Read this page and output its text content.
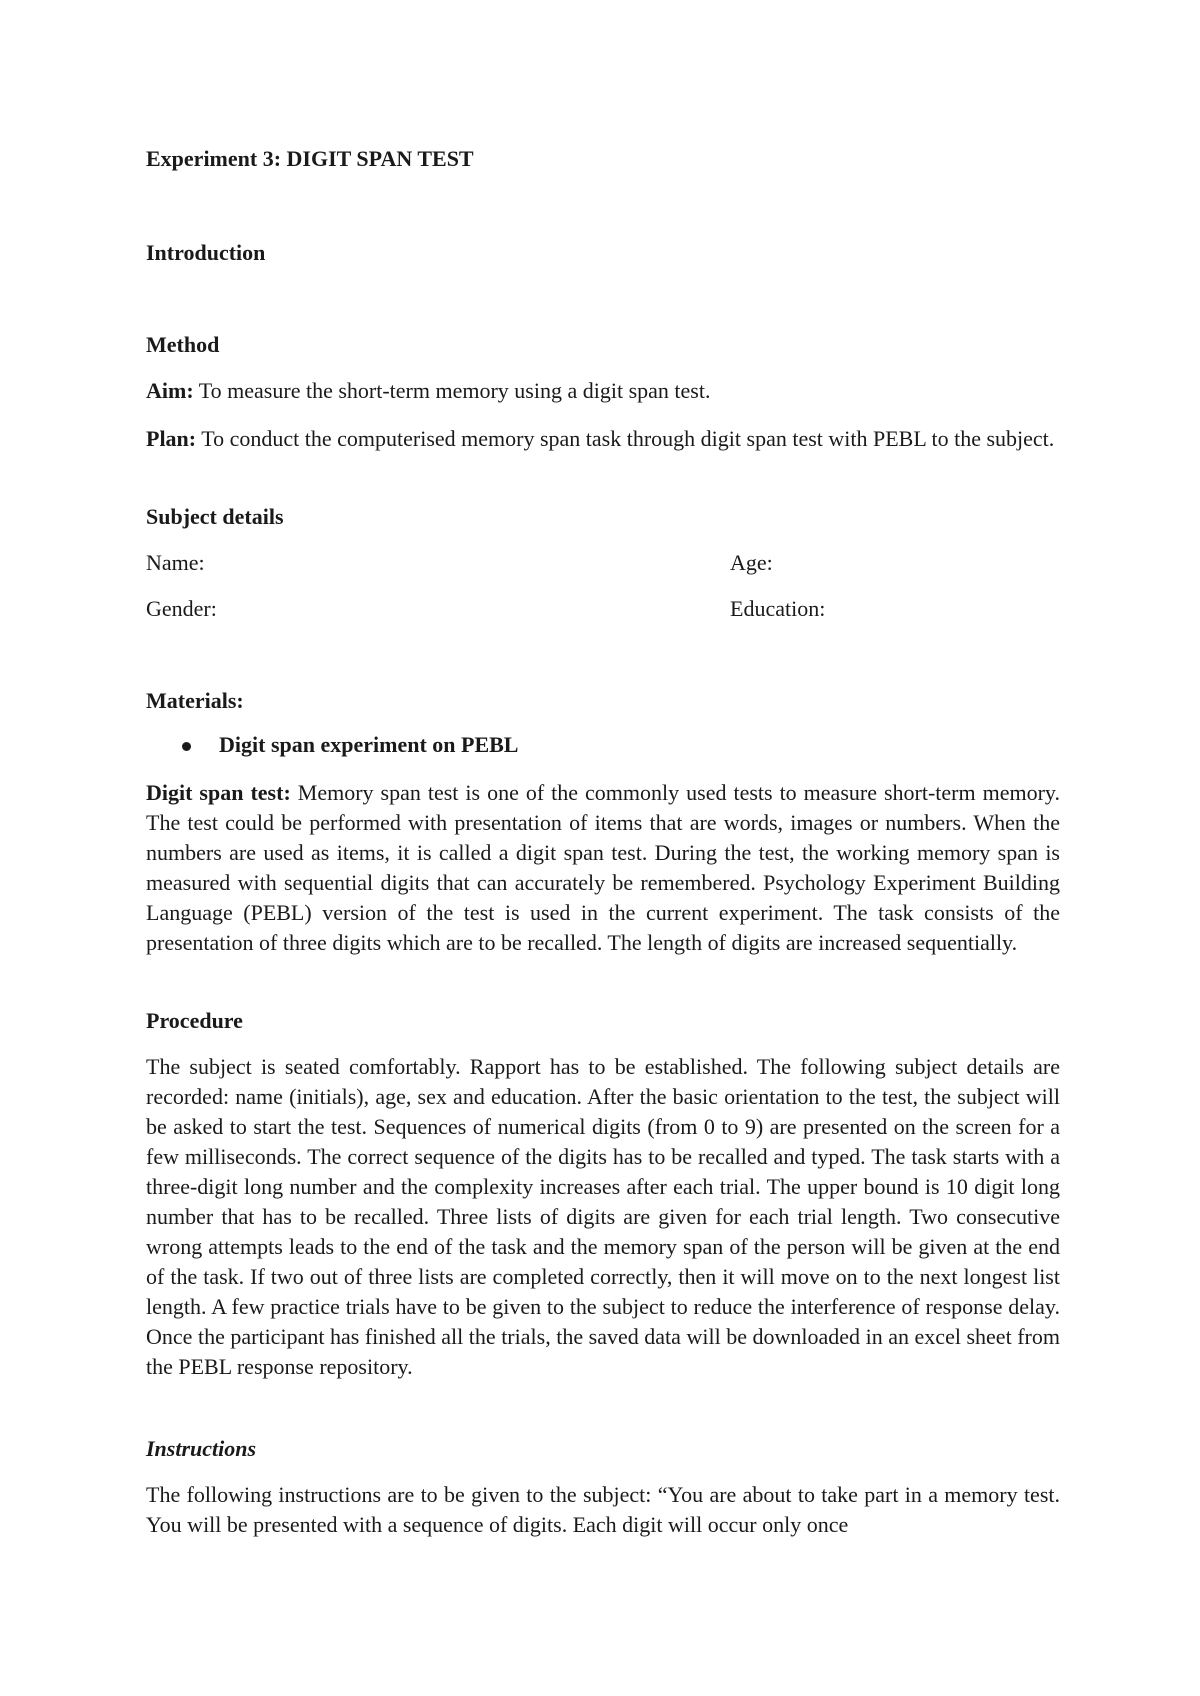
Experiment 3: DIGIT SPAN TEST
Introduction
Method
Aim: To measure the short-term memory using a digit span test.
Plan: To conduct the computerised memory span task through digit span test with PEBL to the subject.
Subject details
Name:	Age:
Gender:	Education:
Materials:
Digit span experiment on PEBL
Digit span test: Memory span test is one of the commonly used tests to measure short-term memory. The test could be performed with presentation of items that are words, images or numbers. When the numbers are used as items, it is called a digit span test. During the test, the working memory span is measured with sequential digits that can accurately be remembered. Psychology Experiment Building Language (PEBL) version of the test is used in the current experiment. The task consists of the presentation of three digits which are to be recalled. The length of digits are increased sequentially.
Procedure
The subject is seated comfortably. Rapport has to be established. The following subject details are recorded: name (initials), age, sex and education. After the basic orientation to the test, the subject will be asked to start the test. Sequences of numerical digits (from 0 to 9) are presented on the screen for a few milliseconds. The correct sequence of the digits has to be recalled and typed. The task starts with a three-digit long number and the complexity increases after each trial. The upper bound is 10 digit long number that has to be recalled. Three lists of digits are given for each trial length. Two consecutive wrong attempts leads to the end of the task and the memory span of the person will be given at the end of the task. If two out of three lists are completed correctly, then it will move on to the next longest list length. A few practice trials have to be given to the subject to reduce the interference of response delay. Once the participant has finished all the trials, the saved data will be downloaded in an excel sheet from the PEBL response repository.
Instructions
The following instructions are to be given to the subject: “You are about to take part in a memory test. You will be presented with a sequence of digits. Each digit will occur only once
